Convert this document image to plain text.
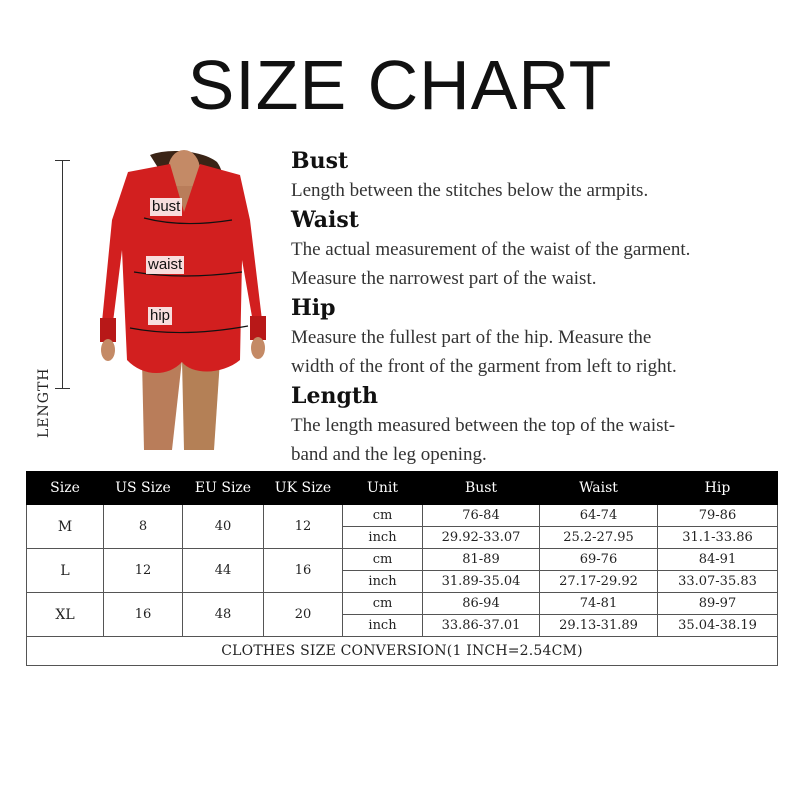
SIZE CHART
LENGTH
bust
waist
hip
Bust
Length between the stitches below the armpits.
Waist
The actual measurement of the waist of the garment.
Measure the narrowest part of the waist.
Hip
Measure the fullest part of the hip. Measure the
width of the front of the garment from left to right.
Length
The length measured between the top of the waist-
band and the leg opening.
Size	US Size	EU Size	UK Size	Unit	Bust	Waist	Hip
M	8	40	12	cm	76-84	64-74	79-86
				inch	29.92-33.07	25.2-27.95	31.1-33.86
L	12	44	16	cm	81-89	69-76	84-91
				inch	31.89-35.04	27.17-29.92	33.07-35.83
XL	16	48	20	cm	86-94	74-81	89-97
				inch	33.86-37.01	29.13-31.89	35.04-38.19
CLOTHES SIZE CONVERSION(1 INCH=2.54CM)							
